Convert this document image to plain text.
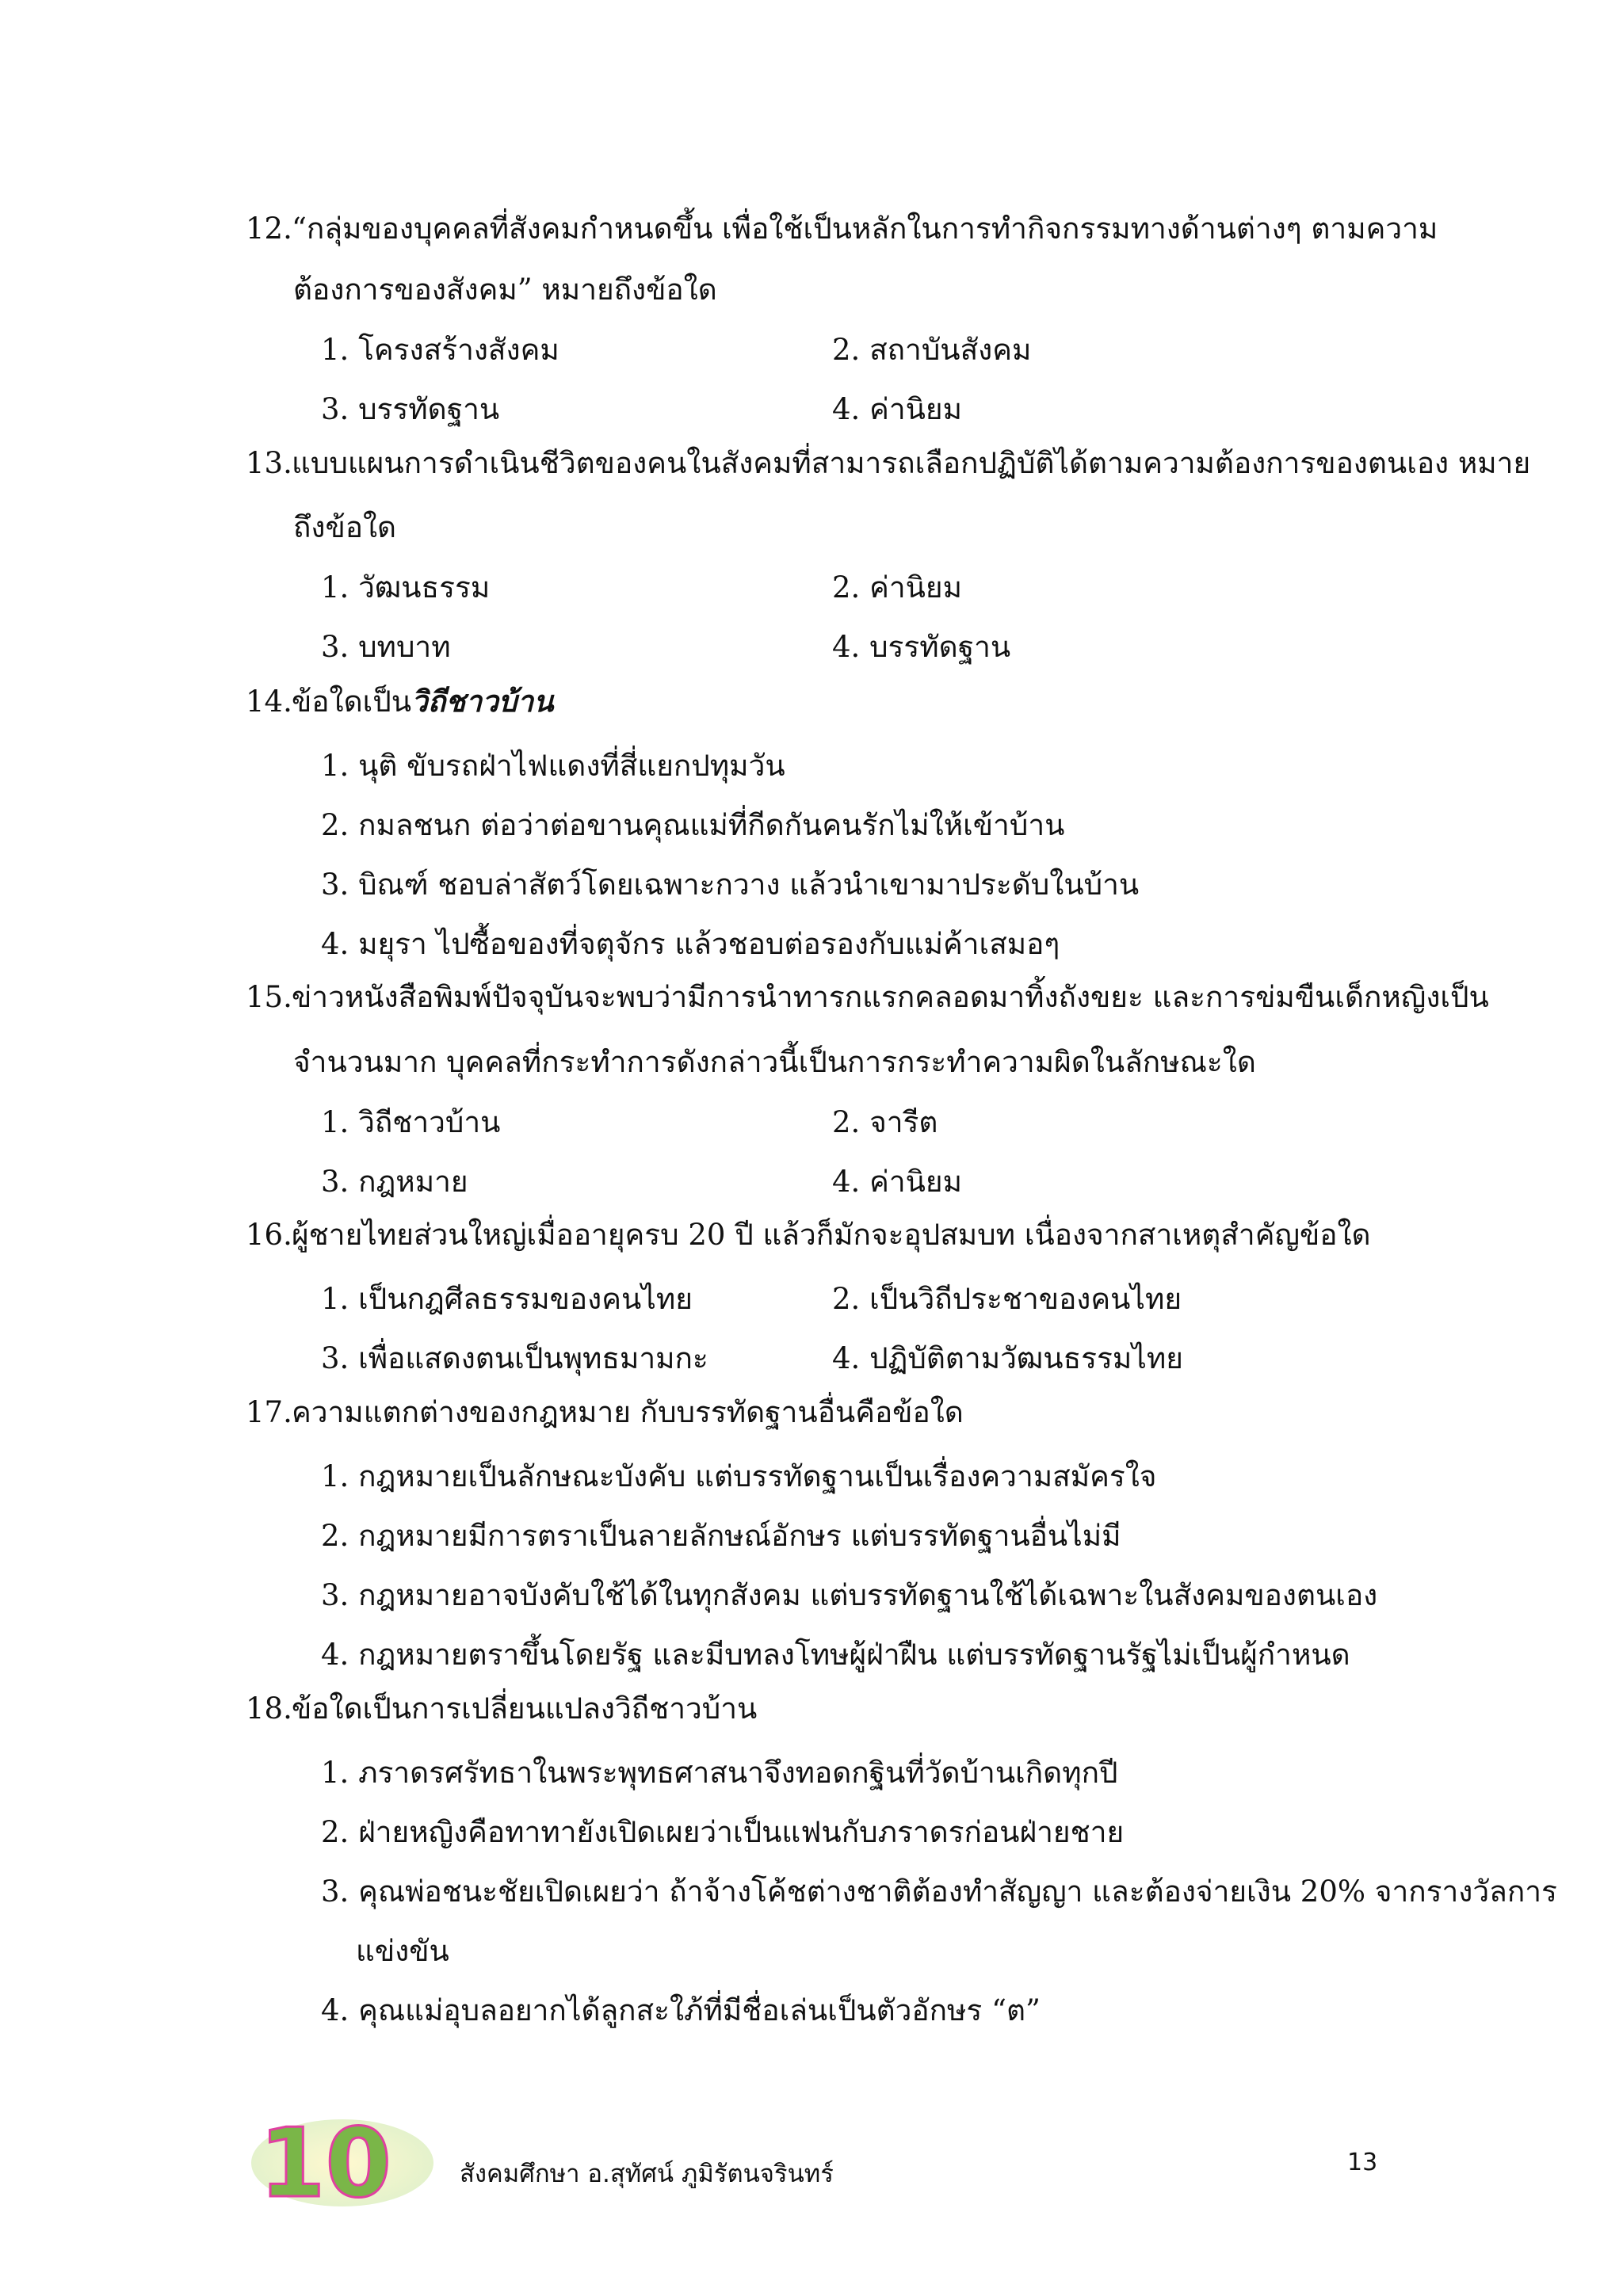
12.“กลุ่มของบุคคลที่สังคมกำหนดขึ้น เพื่อใช้เป็นหลักในการทำกิจกรรมทางด้านต่างๆ ตามความ
ต้องการของสังคม” หมายถึงข้อใด
1. โครงสร้างสังคม	2. สถาบันสังคม
3. บรรทัดฐาน	4. ค่านิยม
13.แบบแผนการดำเนินชีวิตของคนในสังคมที่สามารถเลือกปฏิบัติได้ตามความต้องการของตนเอง หมาย
ถึงข้อใด
1. วัฒนธรรม	2. ค่านิยม
3. บทบาท	4. บรรทัดฐาน
14.ข้อใดเป็นวิถีชาวบ้าน
1. นุติ ขับรถฝ่าไฟแดงที่สี่แยกปทุมวัน
2. กมลชนก ต่อว่าต่อขานคุณแม่ที่กีดกันคนรักไม่ให้เข้าบ้าน
3. บิณฑ์ ชอบล่าสัตว์โดยเฉพาะกวาง แล้วนำเขามาประดับในบ้าน
4. มยุรา ไปซื้อของที่จตุจักร แล้วชอบต่อรองกับแม่ค้าเสมอๆ
15.ข่าวหนังสือพิมพ์ปัจจุบันจะพบว่ามีการนำทารกแรกคลอดมาทิ้งถังขยะ และการข่มขืนเด็กหญิงเป็น
จำนวนมาก บุคคลที่กระทำการดังกล่าวนี้เป็นการกระทำความผิดในลักษณะใด
1. วิถีชาวบ้าน	2. จารีต
3. กฎหมาย	4. ค่านิยม
16.ผู้ชายไทยส่วนใหญ่เมื่ออายุครบ 20 ปี แล้วก็มักจะอุปสมบท เนื่องจากสาเหตุสำคัญข้อใด
1. เป็นกฎศีลธรรมของคนไทย	2. เป็นวิถีประชาของคนไทย
3. เพื่อแสดงตนเป็นพุทธมามกะ	4. ปฏิบัติตามวัฒนธรรมไทย
17.ความแตกต่างของกฎหมาย กับบรรทัดฐานอื่นคือข้อใด
1. กฎหมายเป็นลักษณะบังคับ แต่บรรทัดฐานเป็นเรื่องความสมัครใจ
2. กฎหมายมีการตราเป็นลายลักษณ์อักษร แต่บรรทัดฐานอื่นไม่มี
3. กฎหมายอาจบังคับใช้ได้ในทุกสังคม แต่บรรทัดฐานใช้ได้เฉพาะในสังคมของตนเอง
4. กฎหมายตราขึ้นโดยรัฐ และมีบทลงโทษผู้ฝ่าฝืน แต่บรรทัดฐานรัฐไม่เป็นผู้กำหนด
18.ข้อใดเป็นการเปลี่ยนแปลงวิถีชาวบ้าน
1. ภราดรศรัทธาในพระพุทธศาสนาจึงทอดกฐินที่วัดบ้านเกิดทุกปี
2. ฝ่ายหญิงคือทาทายังเปิดเผยว่าเป็นแฟนกับภราดรก่อนฝ่ายชาย
3. คุณพ่อชนะชัยเปิดเผยว่า ถ้าจ้างโค้ชต่างชาติต้องทำสัญญา และต้องจ่ายเงิน 20% จากรางวัลการ
แข่งขัน
4. คุณแม่อุบลอยากได้ลูกสะใภ้ที่มีชื่อเล่นเป็นตัวอักษร “ต”
10	สังคมศึกษา อ.สุทัศน์ ภูมิรัตนจรินทร์	13
